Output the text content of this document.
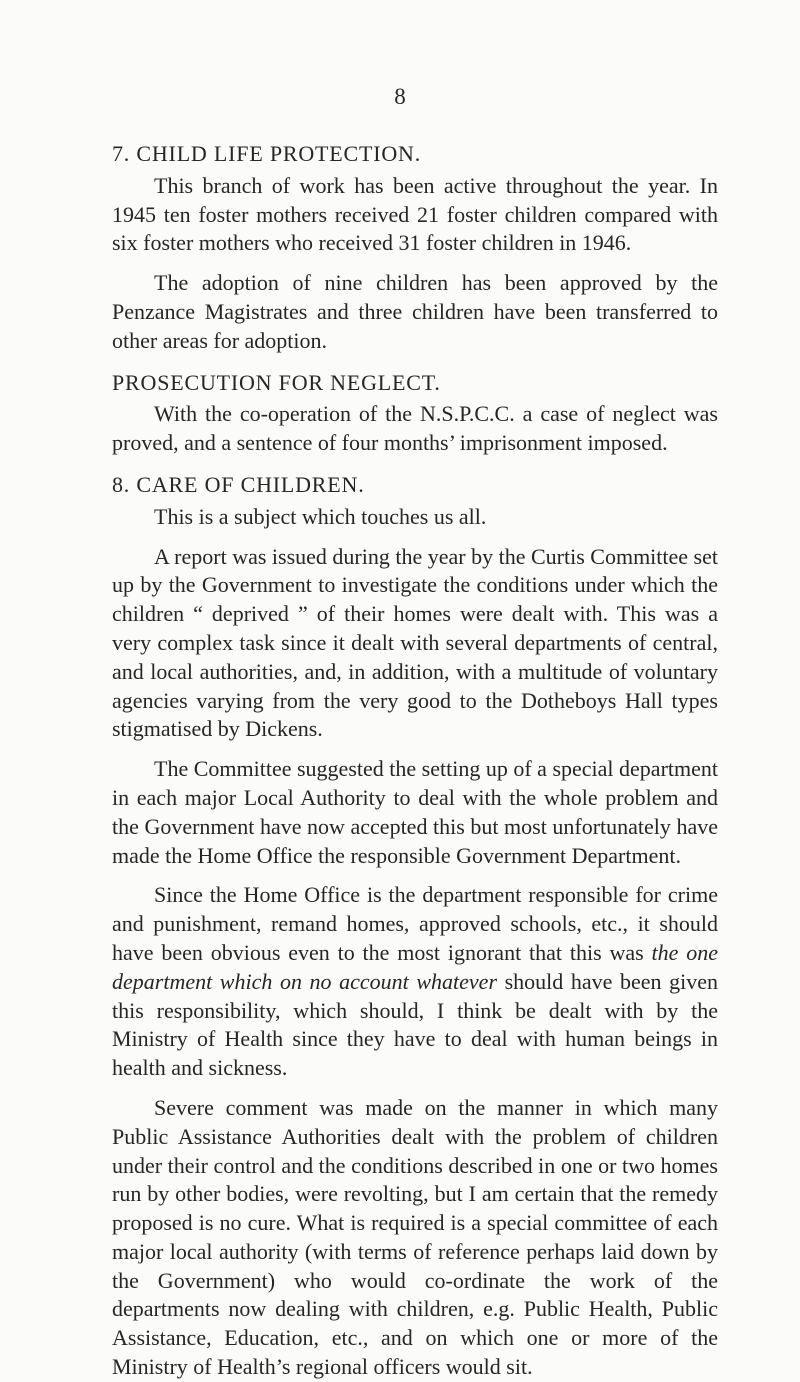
8
7. CHILD LIFE PROTECTION.

This branch of work has been active throughout the year. In 1945 ten foster mothers received 21 foster children compared with six foster mothers who received 31 foster children in 1946.

The adoption of nine children has been approved by the Penzance Magistrates and three children have been transferred to other areas for adoption.

PROSECUTION FOR NEGLECT.

With the co-operation of the N.S.P.C.C. a case of neglect was proved, and a sentence of four months’ imprisonment imposed.

8. CARE OF CHILDREN.

This is a subject which touches us all.

A report was issued during the year by the Curtis Committee set up by the Government to investigate the conditions under which the children “ deprived ” of their homes were dealt with. This was a very complex task since it dealt with several departments of central, and local authorities, and, in addition, with a multitude of voluntary agencies varying from the very good to the Dotheboys Hall types stigmatised by Dickens.

The Committee suggested the setting up of a special department in each major Local Authority to deal with the whole problem and the Government have now accepted this but most unfortunately have made the Home Office the responsible Government Department.

Since the Home Office is the department responsible for crime and punishment, remand homes, approved schools, etc., it should have been obvious even to the most ignorant that this was the one department which on no account whatever should have been given this responsibility, which should, I think be dealt with by the Ministry of Health since they have to deal with human beings in health and sickness.

Severe comment was made on the manner in which many Public Assistance Authorities dealt with the problem of children under their control and the conditions described in one or two homes run by other bodies, were revolting, but I am certain that the remedy proposed is no cure. What is required is a special committee of each major local authority (with terms of reference perhaps laid down by the Government) who would co-ordinate the work of the departments now dealing with children, e.g. Public Health, Public Assistance, Education, etc., and on which one or more of the Ministry of Health’s regional officers would sit.
